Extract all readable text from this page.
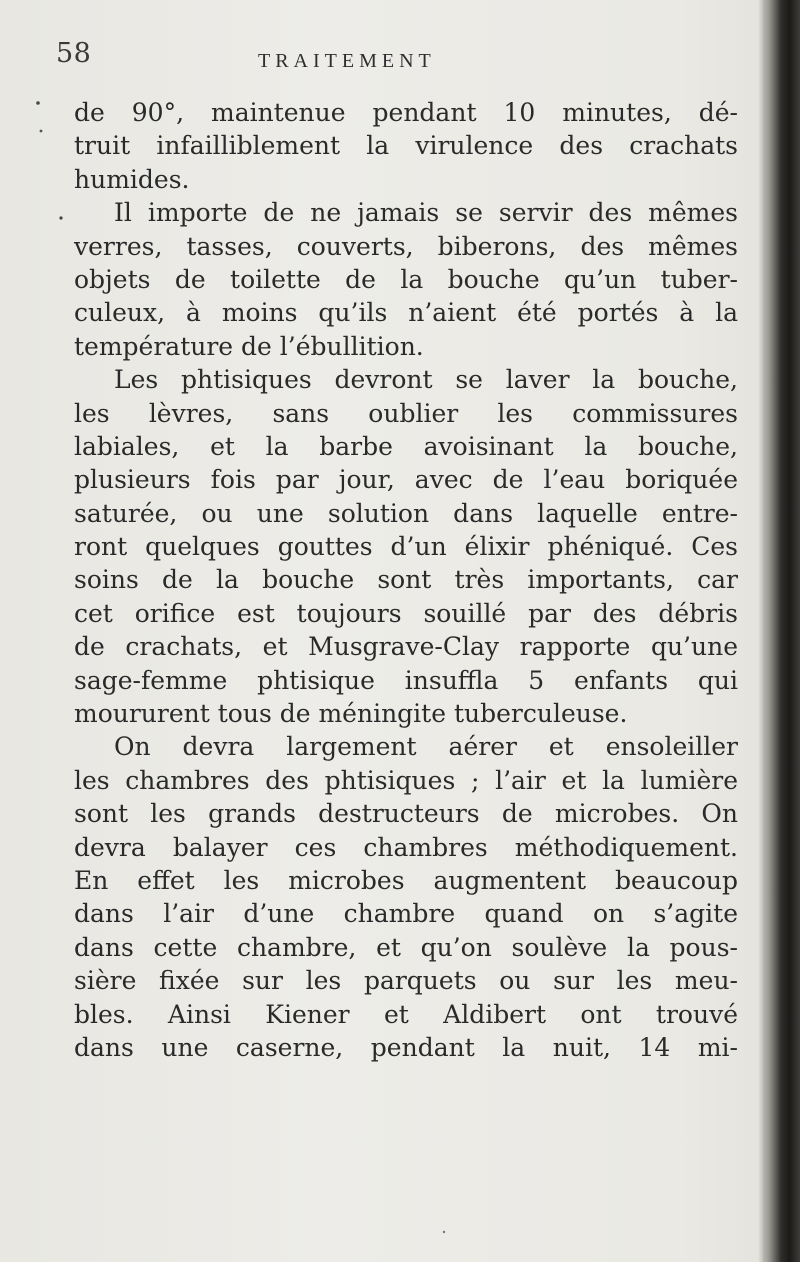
58	TRAITEMENT
de 90°, maintenue pendant 10 minutes, dé-
truit infailliblement la virulence des crachats
humides.
Il importe de ne jamais se servir des mêmes
verres, tasses, couverts, biberons, des mêmes
objets de toilette de la bouche qu’un tuber-
culeux, à moins qu’ils n’aient été portés à la
température de l’ébullition.
Les phtisiques devront se laver la bouche,
les lèvres, sans oublier les commissures
labiales, et la barbe avoisinant la bouche,
plusieurs fois par jour, avec de l’eau boriquée
saturée, ou une solution dans laquelle entre-
ront quelques gouttes d’un élixir phéniqué. Ces
soins de la bouche sont très importants, car
cet orifice est toujours souillé par des débris
de crachats, et Musgrave-Clay rapporte qu’une
sage-femme phtisique insuffla 5 enfants qui
moururent tous de méningite tuberculeuse.
On devra largement aérer et ensoleiller
les chambres des phtisiques ; l’air et la lumière
sont les grands destructeurs de microbes. On
devra balayer ces chambres méthodiquement.
En effet les microbes augmentent beaucoup
dans l’air d’une chambre quand on s’agite
dans cette chambre, et qu’on soulève la pous-
sière fixée sur les parquets ou sur les meu-
bles. Ainsi Kiener et Aldibert ont trouvé
dans une caserne, pendant la nuit, 14 mi-
